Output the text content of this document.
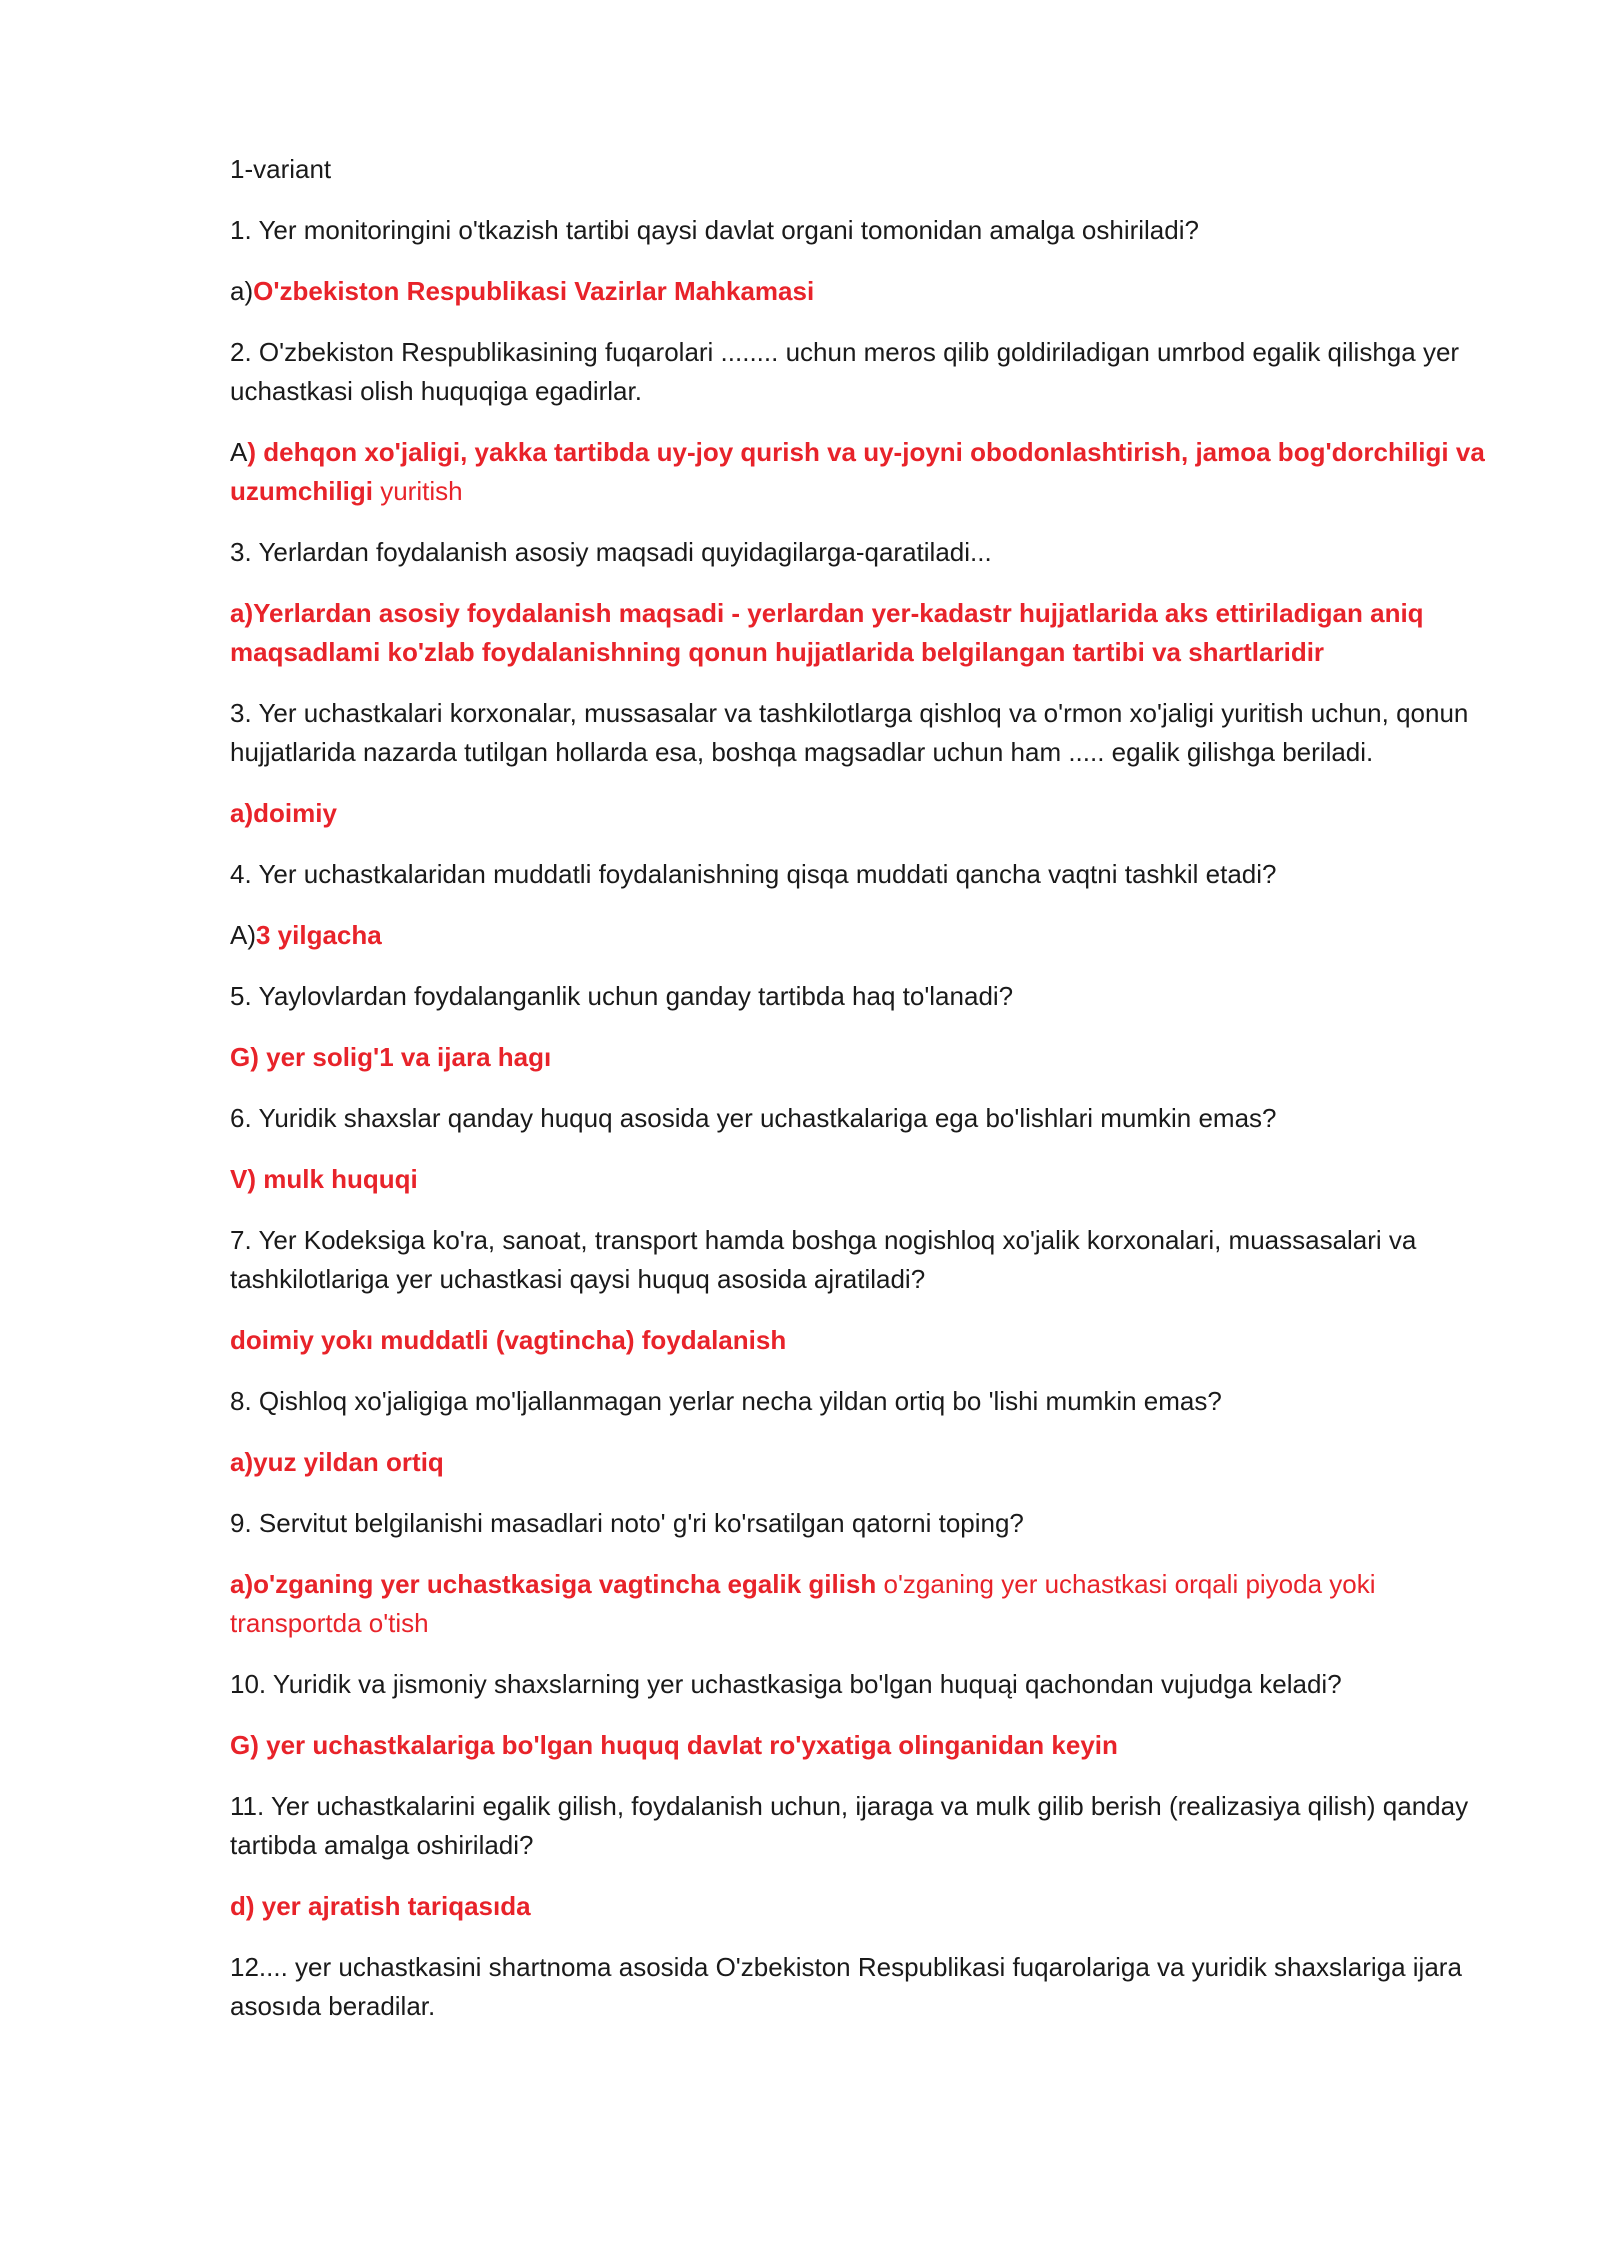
1-variant

1. Yer monitoringini o'tkazish tartibi qaysi davlat organi tomonidan amalga oshiriladi?

a)O'zbekiston Respublikasi Vazirlar Mahkamasi

2. O'zbekiston Respublikasining fuqarolari ........ uchun meros qilib goldiriladigan umrbod egalik qilishga yer uchastkasi olish huquqiga egadirlar.

A) dehqon xo'jaligi, yakka tartibda uy-joy qurish va uy-joyni obodonlashtirish, jamoa bog'dorchiligi va uzumchiligi yuritish

3. Yerlardan foydalanish asosiy maqsadi quyidagilarga-qaratiladi...

a)Yerlardan asosiy foydalanish maqsadi - yerlardan yer-kadastr hujjatlarida aks ettiriladigan aniq maqsadlami ko'zlab foydalanishning qonun hujjatlarida belgilangan tartibi va shartlaridir

3. Yer uchastkalari korxonalar, mussasalar va tashkilotlarga qishloq va o'rmon xo'jaligi yuritish uchun, qonun hujjatlarida nazarda tutilgan hollarda esa, boshqa magsadlar uchun ham ..... egalik gilishga beriladi.

a)doimiy

4. Yer uchastkalaridan muddatli foydalanishning qisqa muddati qancha vaqtni tashkil etadi?

A)3 yilgacha

5. Yaylovlardan foydalanganlik uchun ganday tartibda haq to'lanadi?

G) yer solig'1 va ijara hagı

6. Yuridik shaxslar qanday huquq asosida yer uchastkalariga ega bo'lishlari mumkin emas?

V) mulk huquqi

7. Yer Kodeksiga ko'ra, sanoat, transport hamda boshga nogishloq xo'jalik korxonalari, muassasalari va tashkilotlariga yer uchastkasi qaysi huquq asosida ajratiladi?

doimiy yokı muddatli (vagtincha) foydalanish

8. Qishloq xo'jaligiga mo'ljallanmagan yerlar necha yildan ortiq bo 'lishi mumkin emas?

a)yuz yildan ortiq

9. Servitut belgilanishi masadlari noto' g'ri ko'rsatilgan qatorni toping?

a)o'zganing yer uchastkasiga vagtincha egalik gilish o'zganing yer uchastkasi orqali piyoda yoki transportda o'tish

10. Yuridik va jismoniy shaxslarning yer uchastkasiga bo'lgan huquąi qachondan vujudga keladi?

G) yer uchastkalariga bo'lgan huquq davlat ro'yxatiga olinganidan keyin

11. Yer uchastkalarini egalik gilish, foydalanish uchun, ijaraga va mulk gilib berish (realizasiya qilish) qanday tartibda amalga oshiriladi?

d) yer ajratish tariqasıda

12.... yer uchastkasini shartnoma asosida O'zbekiston Respublikasi fuqarolariga va yuridik shaxslariga ijara asosıda beradilar.
